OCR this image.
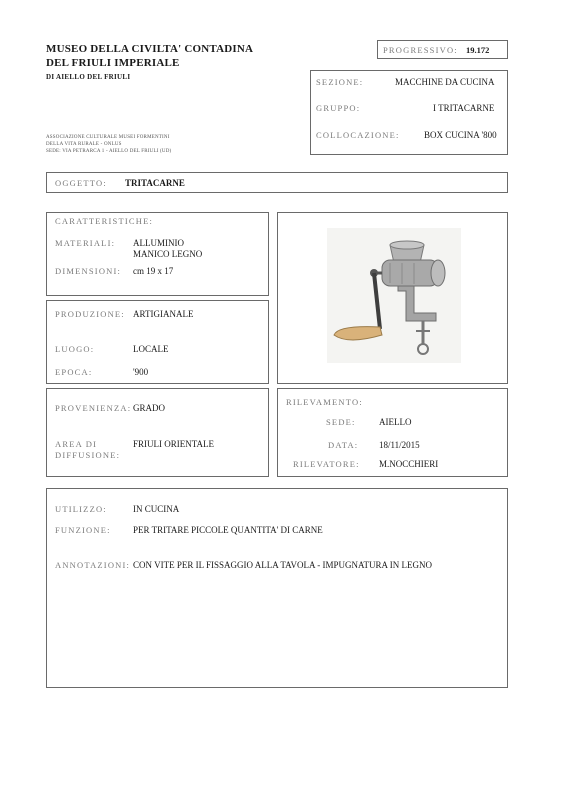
MUSEO DELLA CIVILTA' CONTADINA
DEL FRIULI IMPERIALE
DI AIELLO DEL FRIULI
ASSOCIAZIONE CULTURALE MUSEI FORMENTINI
DELLA VITA RURALE - ONLUS
SEDE: VIA PETRARCA 1 - AIELLO DEL FRIULI (UD)
PROGRESSIVO: 19.172
SEZIONE:	MACCHINE DA CUCINA
GRUPPO:	I TRITACARNE
COLLOCAZIONE:	BOX CUCINA '800
OGGETTO: TRITACARNE
CARATTERISTICHE:
MATERIALI: ALLUMINIO
MANICO LEGNO
DIMENSIONI: cm 19 x 17
PRODUZIONE: ARTIGIANALE
LUOGO:	LOCALE
EPOCA:	'900
PROVENIENZA: GRADO
AREA DI
DIFFUSIONE:
FRIULI ORIENTALE
RILEVAMENTO:
SEDE:	AIELLO
DATA: 18/11/2015
RILEVATORE: M.NOCCHIERI
UTILIZZO:	IN CUCINA
FUNZIONE: PER TRITARE PICCOLE QUANTITA' DI CARNE
ANNOTAZIONI: CON VITE PER IL FISSAGGIO ALLA TAVOLA - IMPUGNATURA IN LEGNO
